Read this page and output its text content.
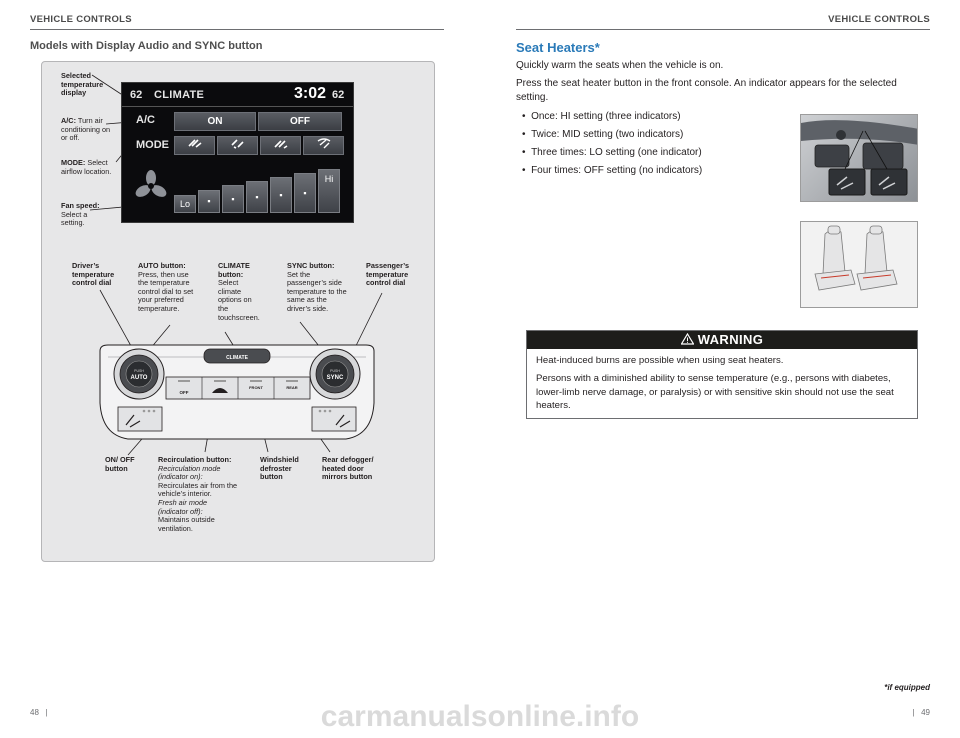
VEHICLE CONTROLS	VEHICLE CONTROLS
Models with Display Audio and SYNC button
Selected temperature display
A/C: Turn air conditioning on or off.
MODE: Select airflow location.
Fan speed: Select a setting.
62 CLIMATE	3:02 62
A/C	ON	OFF
MODE
Lo	▪	▪	▪	▪	▪
Hi
Driver’s temperature control dial
AUTO button:
Press, then use the temperature control dial to set your preferred temperature.
CLIMATE button:
Select climate options on the touchscreen.
SYNC button:
Set the passenger’s side temperature to the same as the driver’s side.
Passenger’s temperature control dial
CLIMATE
PUSH
AUTO
PUSH
SYNC
OFF
FRONT	REAR
ON/ OFF button
Recirculation button:
Recirculation mode (indicator on):
Recirculates air from the vehicle’s interior.
Fresh air mode (indicator off):
Maintains outside ventilation.
Windshield defroster button
Rear defogger/ heated door mirrors button
Seat Heaters*
Quickly warm the seats when the vehicle is on.
Press the seat heater button in the front console. An indicator appears for the selected setting.
•  Once: HI setting (three indicators)
•  Twice: MID setting (two indicators)
•  Three times: LO setting (one indicator)
•  Four times: OFF setting (no indicators)
WARNING
Heat-induced burns are possible when using seat heaters.
Persons with a diminished ability to sense temperature (e.g., persons with diabetes, lower-limb nerve damage, or paralysis) or with sensitive skin should not use the seat heaters.
*if equipped
48   |	|   49
carmanualsonline.info
